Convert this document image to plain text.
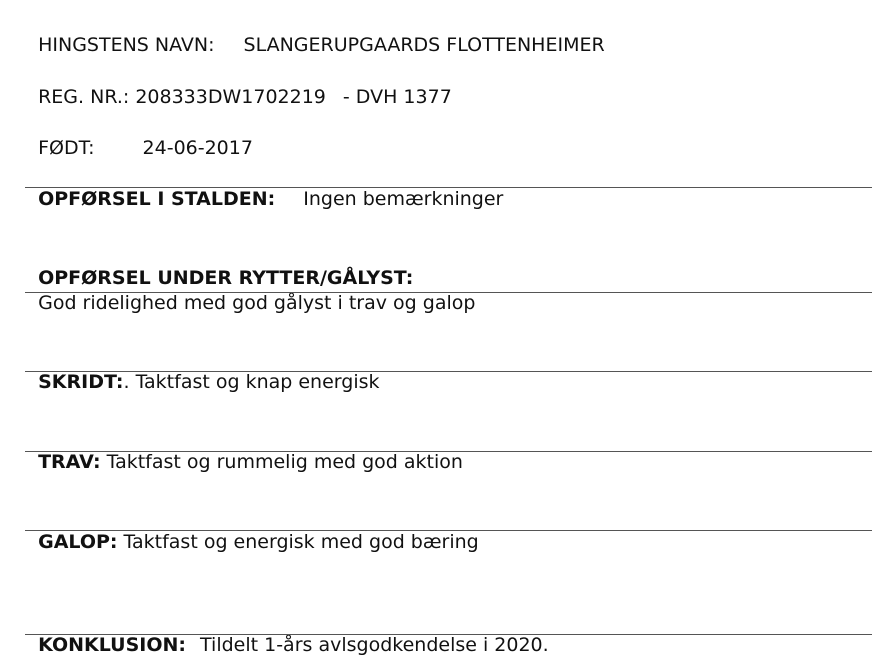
HINGSTENS NAVN: SLANGERUPGAARDS FLOTTENHEIMER

REG. NR.: 208333DW1702219 - DVH 1377

FØDT:	24-06-2017

OPFØRSEL I STALDEN: Ingen bemærkninger

OPFØRSEL UNDER RYTTER/GÅLYST:

God ridelighed med god gålyst i trav og galop

SKRIDT:. Taktfast og knap energisk

TRAV: Taktfast og rummelig med god aktion

GALOP: Taktfast og energisk med god bæring

KONKLUSION: Tildelt 1-års avlsgodkendelse i 2020.
